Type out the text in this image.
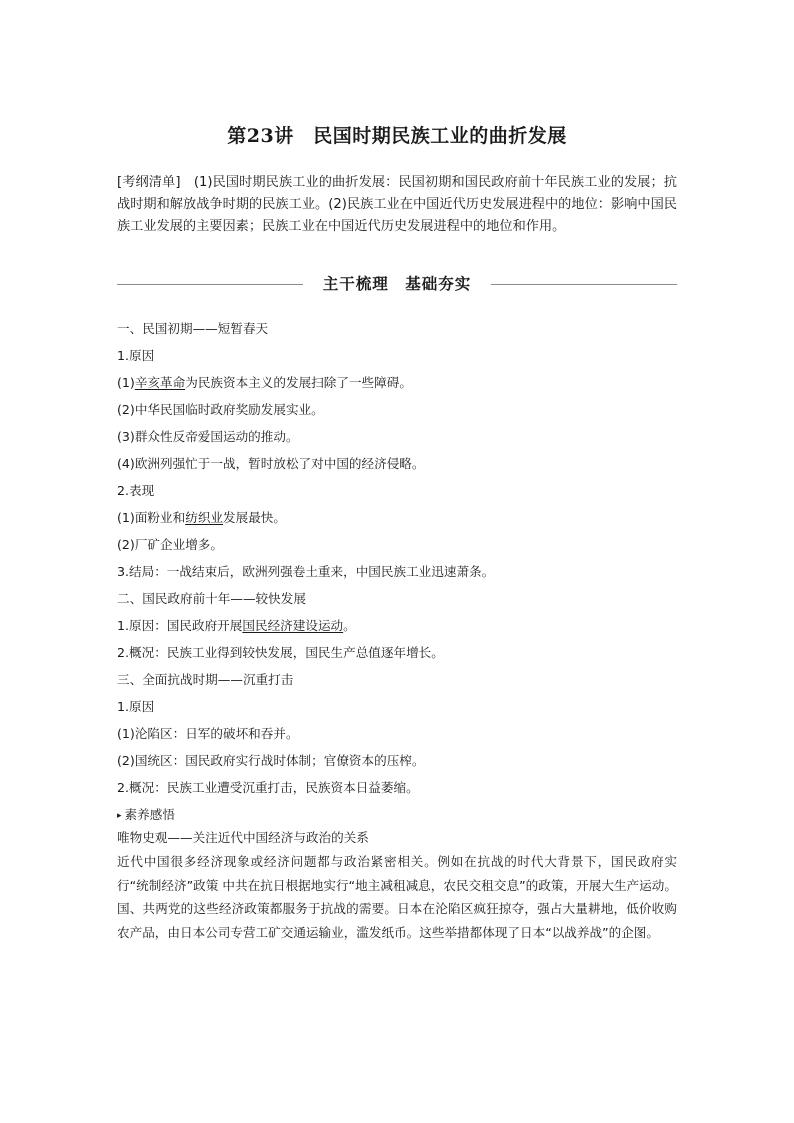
第23讲　民国时期民族工业的曲折发展
[考纲清单]　(1)民国时期民族工业的曲折发展：民国初期和国民政府前十年民族工业的发展；抗战时期和解放战争时期的民族工业。(2)民族工业在中国近代历史发展进程中的地位：影响中国民族工业发展的主要因素；民族工业在中国近代历史发展进程中的地位和作用。
主干梳理　基础夯实
一、民国初期——短暂春天
1.原因
(1)辛亥革命为民族资本主义的发展扫除了一些障碍。
(2)中华民国临时政府奖励发展实业。
(3)群众性反帝爱国运动的推动。
(4)欧洲列强忙于一战，暂时放松了对中国的经济侵略。
2.表现
(1)面粉业和纺织业发展最快。
(2)厂矿企业增多。
3.结局：一战结束后，欧洲列强卷土重来，中国民族工业迅速萧条。
二、国民政府前十年——较快发展
1.原因：国民政府开展国民经济建设运动。
2.概况：民族工业得到较快发展，国民生产总值逐年增长。
三、全面抗战时期——沉重打击
1.原因
(1)沦陷区：日军的破坏和吞并。
(2)国统区：国民政府实行战时体制；官僚资本的压榨。
2.概况：民族工业遭受沉重打击，民族资本日益萎缩。
▸ 素养感悟
唯物史观——关注近代中国经济与政治的关系
近代中国很多经济现象或经济问题都与政治紧密相关。例如在抗战的时代大背景下，国民政府实行“统制经济”政策 中共在抗日根据地实行“地主减租减息，农民交租交息”的政策，开展大生产运动。国、共两党的这些经济政策都服务于抗战的需要。日本在沦陷区疯狂掠夺，强占大量耕地，低价收购农产品，由日本公司专营工矿交通运输业，滥发纸币。这些举措都体现了日本“以战养战”的企图。
